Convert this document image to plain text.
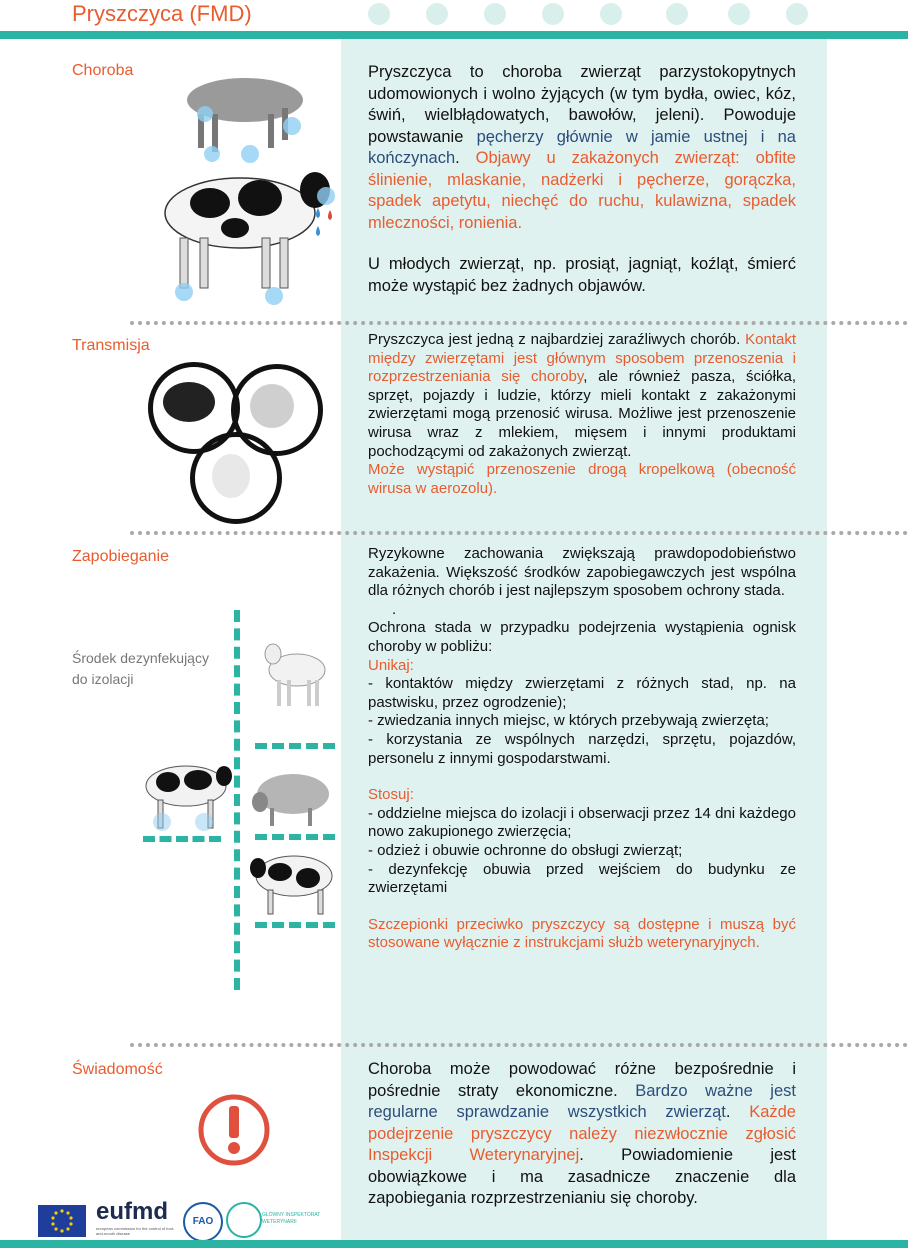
Pryszczyca (FMD)
Choroba	Pryszczyca to choroba zwierząt parzystokopytnych udomowionych i wolno żyjących (w tym bydła, owiec, kóz, świń, wielbłądowatych, bawołów, jeleni). Powoduje powstawanie pęcherzy głównie w jamie ustnej i na kończynach. Objawy u zakażonych zwierząt: obfite ślinienie, mlaskanie, nadżerki i pęcherze, gorączka, spadek apetytu, niechęć do ruchu, kulawizna, spadek mleczności, ronienia.

U młodych zwierząt, np. prosiąt, jagniąt, koźląt, śmierć może wystąpić bez żadnych objawów.

Transmisja	Pryszczyca jest jedną z najbardziej zaraźliwych chorób. Kontakt między zwierzętami jest głównym sposobem przenoszenia i rozprzestrzeniania się choroby, ale również pasza, ściółka, sprzęt, pojazdy i ludzie, którzy mieli kontakt z zakażonymi zwierzętami mogą przenosić wirusa. Możliwe jest przenoszenie wirusa wraz z mlekiem, mięsem i innymi produktami pochodzącymi od zakażonych zwierząt.

Może wystąpić przenoszenie drogą kropelkową (obecność wirusa w aerozolu).

Zapobieganie
Środek dezynfekujący do izolacji

Ryzykowne zachowania zwiększają prawdopodobieństwo zakażenia. Większość środków zapobiegawczych jest wspólna dla różnych chorób i jest najlepszym sposobem ochrony stada.

.

Ochrona stada w przypadku podejrzenia wystąpienia ognisk choroby w pobliżu:

Unikaj:

- kontaktów między zwierzętami z różnych stad, np. na pastwisku, przez ogrodzenie);

- zwiedzania innych miejsc, w których przebywają zwierzęta;

- korzystania ze wspólnych narzędzi, sprzętu, pojazdów, personelu z innymi gospodarstwami.

Stosuj:

- oddzielne miejsca do izolacji i obserwacji przez 14 dni każdego nowo zakupionego zwierzęcia;

- odzież i obuwie ochronne do obsługi zwierząt;

- dezynfekcję obuwia przed wejściem do budynku ze zwierzętami

Szczepionki przeciwko pryszczycy są dostępne i muszą być stosowane wyłącznie z instrukcjami służb weterynaryjnych.

Świadomość	Choroba może powodować różne bezpośrednie i pośrednie straty ekonomiczne. Bardzo ważne jest regularne sprawdzanie wszystkich zwierząt. Każde podejrzenie pryszczycy należy niezwłocznie zgłosić Inspekcji Weterynaryjnej. Powiadomienie jest obowiązkowe i ma zasadnicze znaczenie dla zapobiegania rozprzestrzenianiu się choroby.

eufmd
european commission for the control of foot-and-mouth disease
FAO
GŁÓWNY INSPEKTORAT WETERYNARII
